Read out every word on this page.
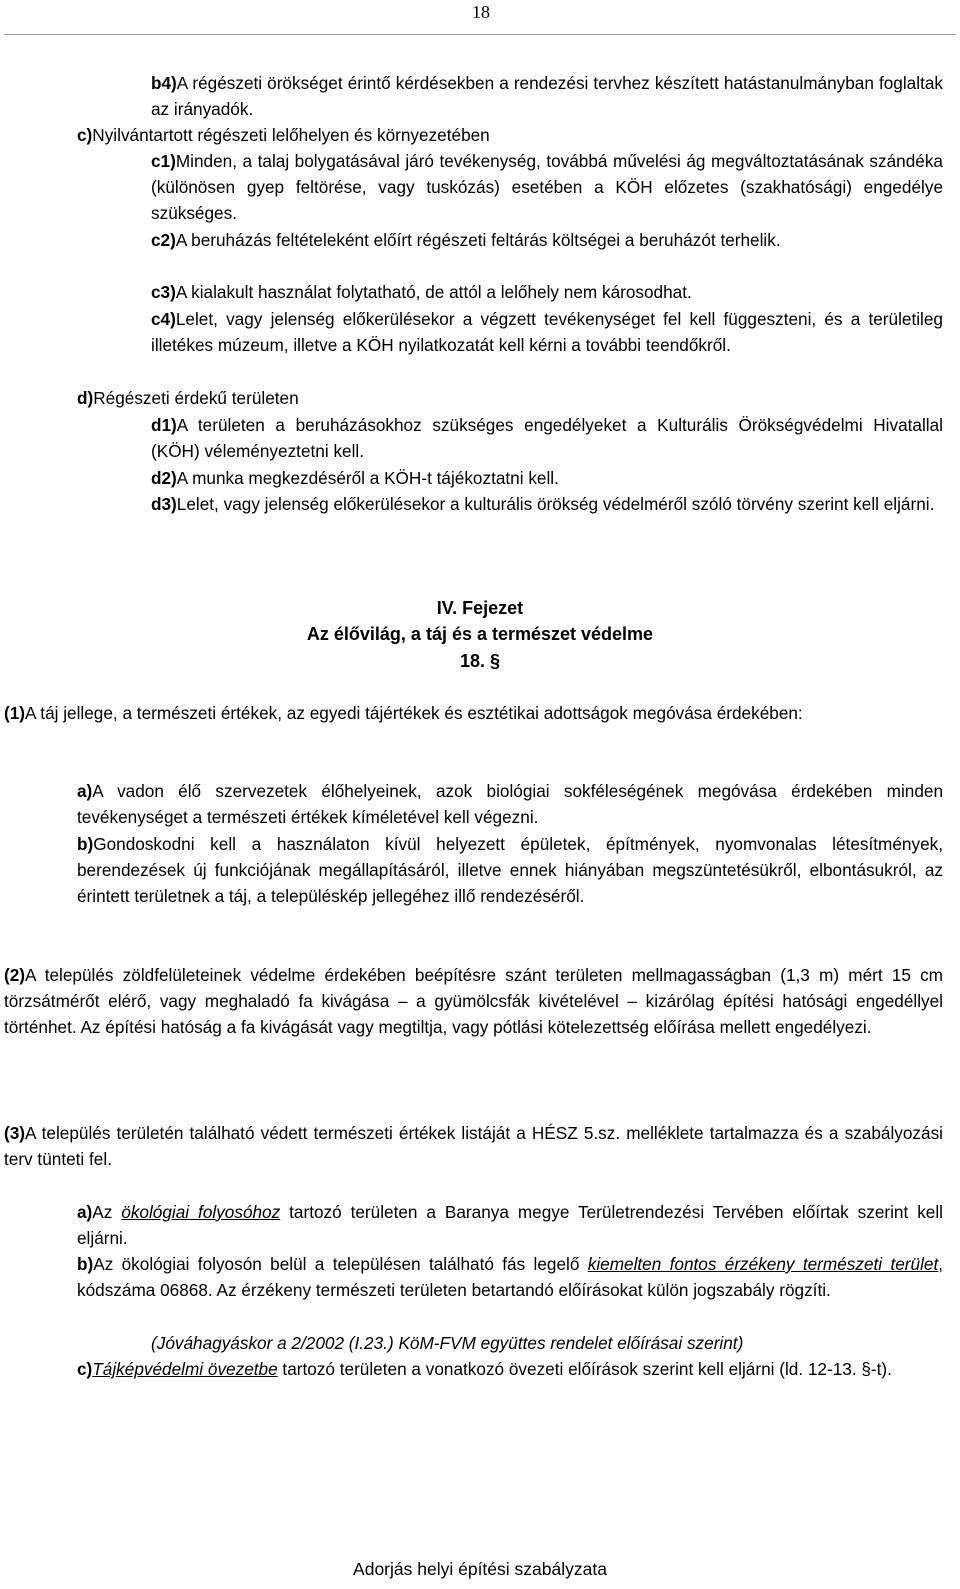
18

b4)A régészeti örökséget érintő kérdésekben a rendezési tervhez készített hatástanulmányban foglaltak az irányadók.

c)Nyilvántartott régészeti lelőhelyen és környezetében

c1)Minden, a talaj bolygatásával járó tevékenység, továbbá művelési ág megváltoztatásának szándéka (különösen gyep feltörése, vagy tuskózás) esetében a KÖH előzetes (szakhatósági) engedélye szükséges.

c2)A beruházás feltételeként előírt régészeti feltárás költségei a beruházót terhelik.

c3)A kialakult használat folytatható, de attól a lelőhely nem károsodhat.

c4)Lelet, vagy jelenség előkerülésekor a végzett tevékenységet fel kell függeszteni, és a területileg illetékes múzeum, illetve a KÖH nyilatkozatát kell kérni a további teendőkről.

d)Régészeti érdekű területen

d1)A területen a beruházásokhoz szükséges engedélyeket a Kulturális Örökségvédelmi Hivatallal (KÖH) véleményeztetni kell.

d2)A munka megkezdéséről a KÖH-t tájékoztatni kell.

d3)Lelet, vagy jelenség előkerülésekor a kulturális örökség védelméről szóló törvény szerint kell eljárni.

IV. Fejezet
Az élővilág, a táj és a természet védelme
18. §

(1)A táj jellege, a természeti értékek, az egyedi tájértékek és esztétikai adottságok megóvása érdekében:

a)A vadon élő szervezetek élőhelyeinek, azok biológiai sokféleségének megóvása érdekében minden tevékenységet a természeti értékek kíméletével kell végezni.

b)Gondoskodni kell a használaton kívül helyezett épületek, építmények, nyomvonalas létesítmények, berendezések új funkciójának megállapításáról, illetve ennek hiányában megszüntetésükről, elbontásukról, az érintett területnek a táj, a településkép jellegéhez illő rendezéséről.

(2)A település zöldfelületeinek védelme érdekében beépítésre szánt területen mellmagasságban (1,3 m) mért 15 cm törzsátmérőt elérő, vagy meghaladó fa kivágása – a gyümölcsfák kivételével – kizárólag építési hatósági engedéllyel történhet. Az építési hatóság a fa kivágását vagy megtiltja, vagy pótlási kötelezettség előírása mellett engedélyezi.

(3)A település területén található védett természeti értékek listáját a HÉSZ 5.sz. melléklete tartalmazza és a szabályozási terv tünteti fel.

a)Az ökológiai folyosóhoz tartozó területen a Baranya megye Területrendezési Tervében előírtak szerint kell eljárni.

b)Az ökológiai folyosón belül a településen található fás legelő kiemelten fontos érzékeny természeti terület, kódszáma 06868. Az érzékeny természeti területen betartandó előírásokat külön jogszabály rögzíti.

(Jóváhagyáskor a 2/2002 (I.23.) KöM-FVM együttes rendelet előírásai szerint)

c)Tájképvédelmi övezetbe tartozó területen a vonatkozó övezeti előírások szerint kell eljárni (ld. 12-13. §-t).

Adorjás helyi építési szabályzata
